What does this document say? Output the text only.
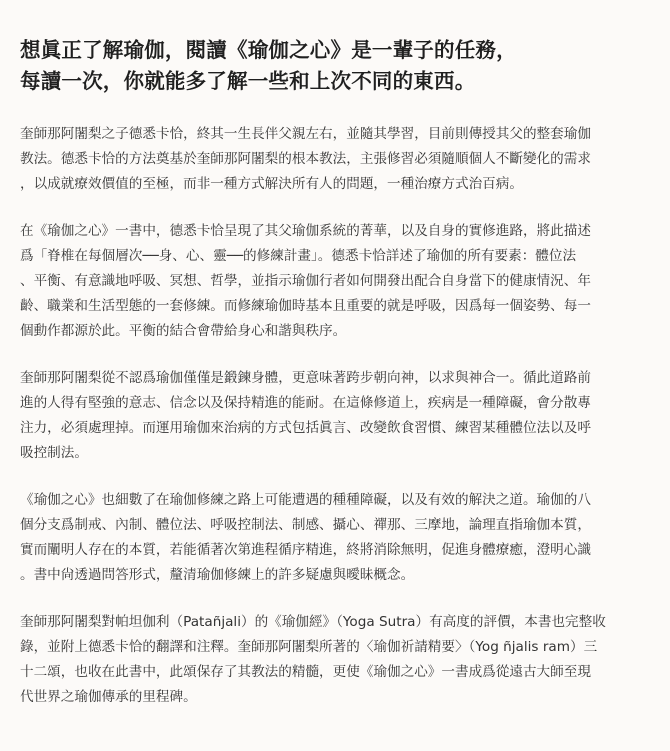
想眞正了解瑜伽，閱讀《瑜伽之心》是一輩子的任務，
每讀一次，你就能多了解一些和上次不同的東西。

奎師那阿闍梨之子德悉卡恰，終其一生長伴父親左右，並隨其學習，目前則傳授其父的整套瑜伽
教法。德悉卡恰的方法奠基於奎師那阿闍梨的根本教法，主張修習必須隨順個人不斷變化的需求
，以成就療效價值的至極，而非一種方式解決所有人的問題，一種治療方式治百病。

在《瑜伽之心》一書中，德悉卡恰呈現了其父瑜伽系統的菁華，以及自身的實修進路，將此描述
爲「脊椎在每個層次──身、心、靈──的修練計畫」。德悉卡恰詳述了瑜伽的所有要素：體位法
、平衡、有意識地呼吸、冥想、哲學，並指示瑜伽行者如何開發出配合自身當下的健康情況、年
齡、職業和生活型態的一套修練。而修練瑜伽時基本且重要的就是呼吸，因爲每一個姿勢、每一
個動作都源於此。平衡的結合會帶給身心和諧與秩序。

奎師那阿闍梨從不認爲瑜伽僅僅是鍛鍊身體，更意味著跨步朝向神，以求與神合一。循此道路前
進的人得有堅強的意志、信念以及保持精進的能耐。在這條修道上，疾病是一種障礙，會分散專
注力，必須處理掉。而運用瑜伽來治病的方式包括眞言、改變飲食習慣、練習某種體位法以及呼
吸控制法。

《瑜伽之心》也細數了在瑜伽修練之路上可能遭遇的種種障礙，以及有效的解決之道。瑜伽的八
個分支爲制戒、內制、體位法、呼吸控制法、制感、攝心、禪那、三摩地，論理直指瑜伽本質，
實而闡明人存在的本質，若能循著次第進程循序精進，終將消除無明，促進身體療癒，澄明心識
。書中尙透過問答形式，釐清瑜伽修練上的許多疑慮與曖昧概念。

奎師那阿闍梨對帕坦伽利（Patañjali）的《瑜伽經》（Yoga Sutra）有高度的評價，本書也完整收
錄，並附上德悉卡恰的翻譯和注釋。奎師那阿闍梨所著的〈瑜伽祈請精要〉（Yog ñjalis ram）三
十二頌，也收在此書中，此頌保存了其教法的精髓，更使《瑜伽之心》一書成爲從遠古大師至現
代世界之瑜伽傳承的里程碑。
